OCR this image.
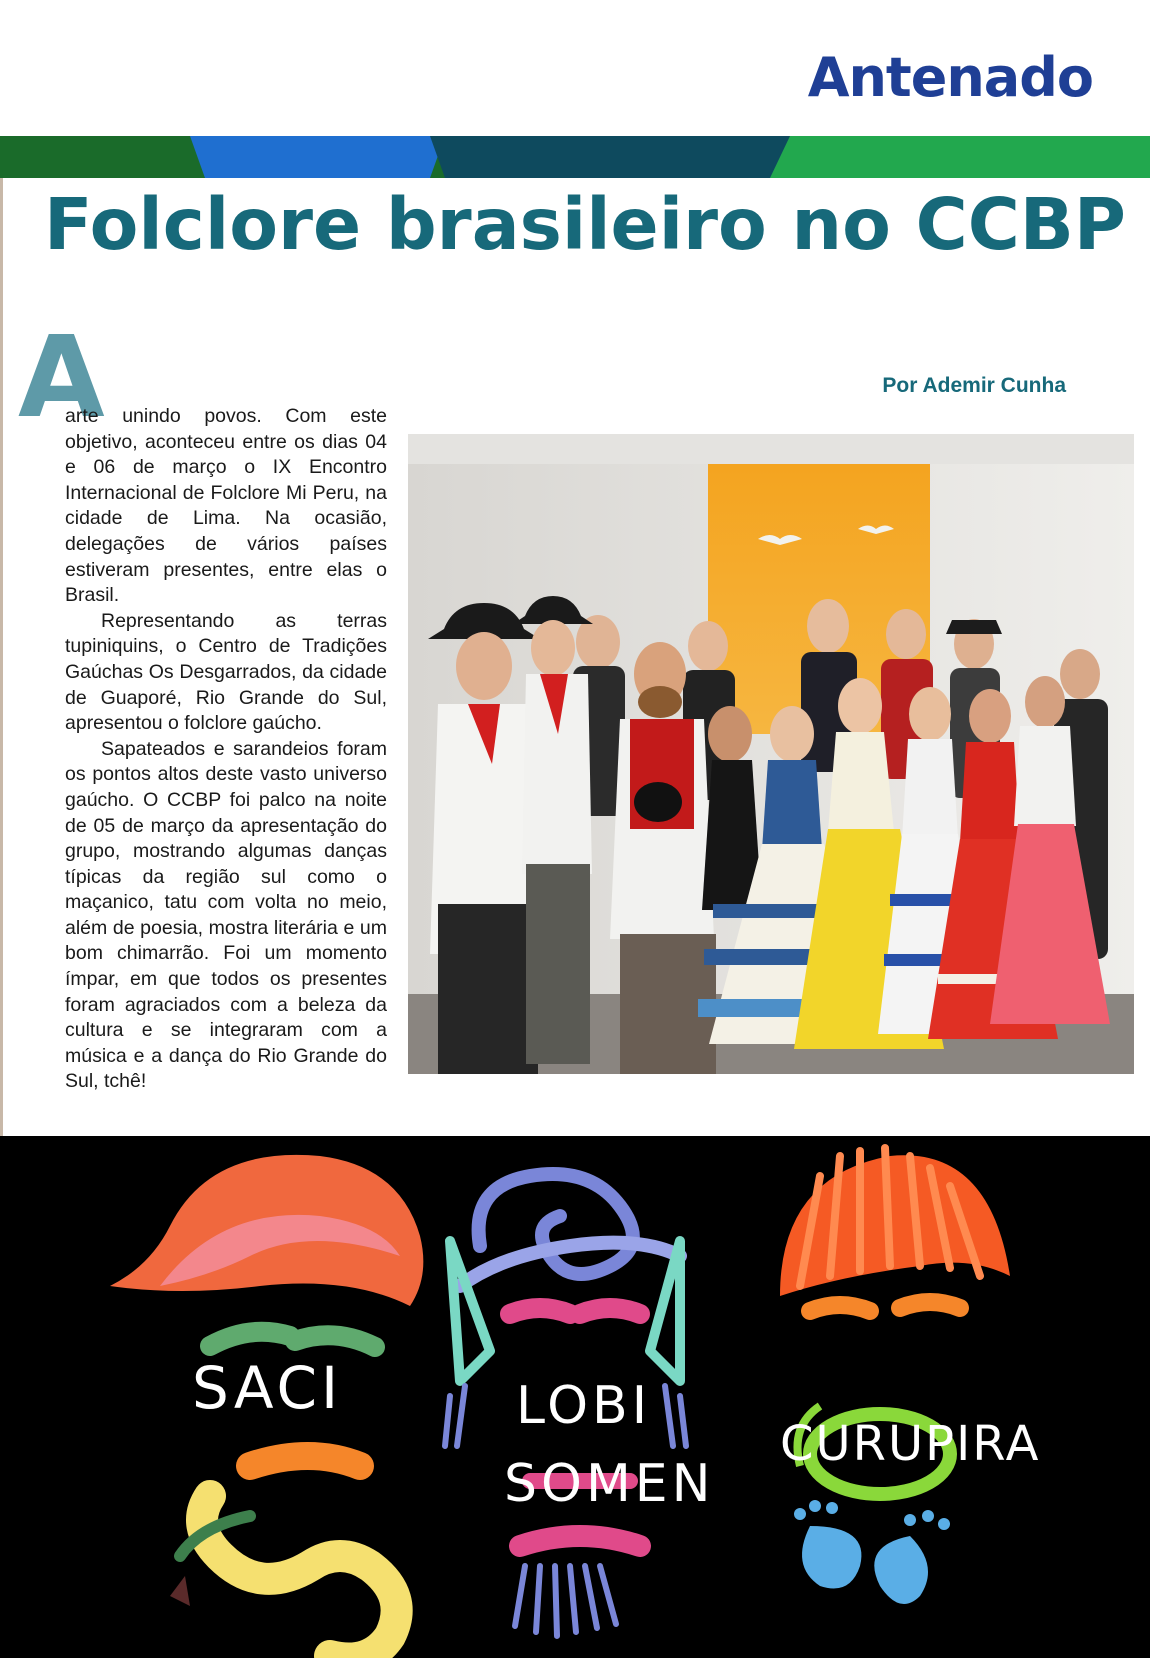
Antenado
Folclore brasileiro no CCBP
A	Por Ademir Cunha

arte unindo povos. Com este objetivo, aconteceu entre os dias 04 e 06 de março o IX Encontro Internacional de Folclore Mi Peru, na cidade de Lima. Na ocasião, delegações de vários países estiveram presentes, entre elas o Brasil.

Representando as terras tupiniquins, o Centro de Tradições Gaúchas Os Desgarrados, da cidade de Guaporé, Rio Grande do Sul, apresentou o folclore gaúcho.

Sapateados e sarandeios foram os pontos altos deste vasto universo gaúcho. O CCBP foi palco na noite de 05 de março da apresentação do grupo, mostrando algumas danças típicas da região sul como o maçanico, tatu com volta no meio, além de poesia, mostra literária e um bom chimarrão. Foi um momento ímpar, em que todos os presentes foram agraciados com a beleza da cultura e se integraram com a música e a dança do Rio Grande do Sul, tchê!

SACI	LOBI
SOMEN
CURUPIRA
